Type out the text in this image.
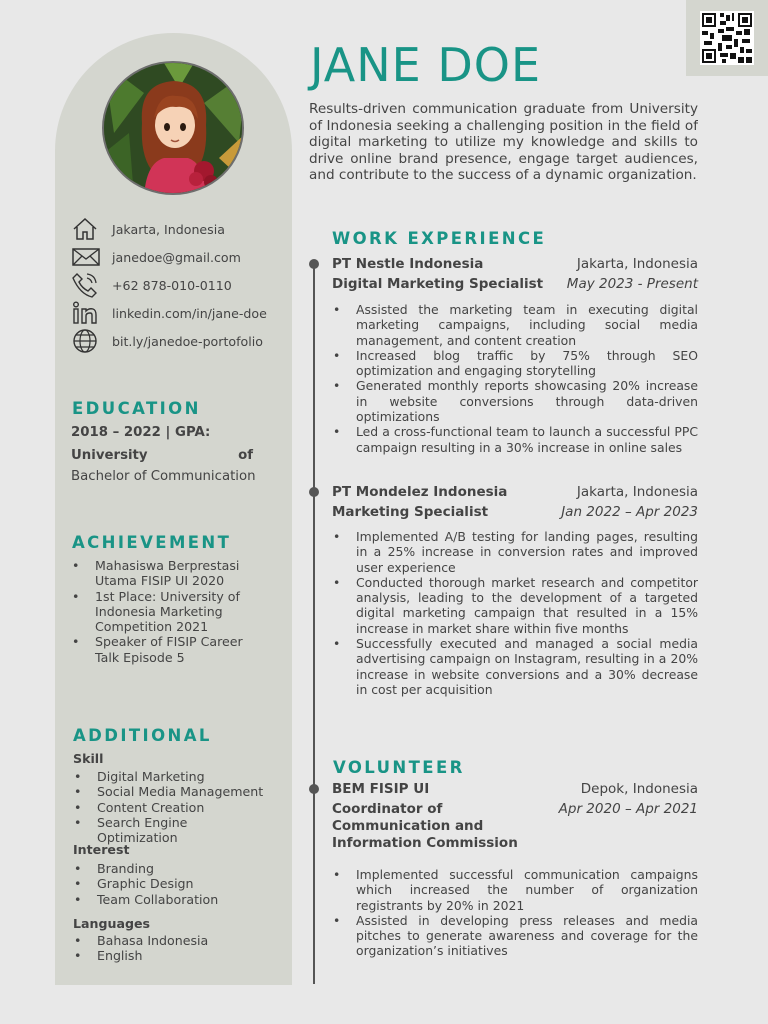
JANE DOE
Results-driven communication graduate from University of Indonesia seeking a challenging position in the field of digital marketing to utilize my knowledge and skills to drive online brand presence, engage target audiences, and contribute to the success of a dynamic organization.
Jakarta, Indonesia
janedoe@gmail.com
+62 878-010-0110
linkedin.com/in/jane-doe
bit.ly/janedoe-portofolio
EDUCATION
2018 – 2022 | GPA:
University	of
Bachelor of Communication
ACHIEVEMENT
• Mahasiswa Berprestasi Utama FISIP UI 2020
• 1st Place: University of Indonesia Marketing Competition 2021
• Speaker of FISIP Career Talk Episode 5
ADDITIONAL
Skill
• Digital Marketing
• Social Media Management
• Content Creation
• Search Engine Optimization
Interest
• Branding
• Graphic Design
• Team Collaboration
Languages
• Bahasa Indonesia
• English
WORK EXPERIENCE
PT Nestle Indonesia	Jakarta, Indonesia
Digital Marketing Specialist May 2023 - Present
• Assisted the marketing team in executing digital marketing campaigns, including social media management, and content creation
• Increased blog traffic by 75% through SEO optimization and engaging storytelling
• Generated monthly reports showcasing 20% increase in website conversions through data-driven optimizations
• Led a cross-functional team to launch a successful PPC campaign resulting in a 30% increase in online sales
PT Mondelez Indonesia	Jakarta, Indonesia
Marketing Specialist	Jan 2022 – Apr 2023
• Implemented A/B testing for landing pages, resulting in a 25% increase in conversion rates and improved user experience
• Conducted thorough market research and competitor analysis, leading to the development of a targeted digital marketing campaign that resulted in a 15% increase in market share within five months
• Successfully executed and managed a social media advertising campaign on Instagram, resulting in a 20% increase in website conversions and a 30% decrease in cost per acquisition
VOLUNTEER
BEM FISIP UI	Depok, Indonesia
Coordinator of Communication and Information Commission
Apr 2020 – Apr 2021
• Implemented successful communication campaigns which increased the number of organization registrants by 20% in 2021
• Assisted in developing press releases and media pitches to generate awareness and coverage for the organization’s initiatives
